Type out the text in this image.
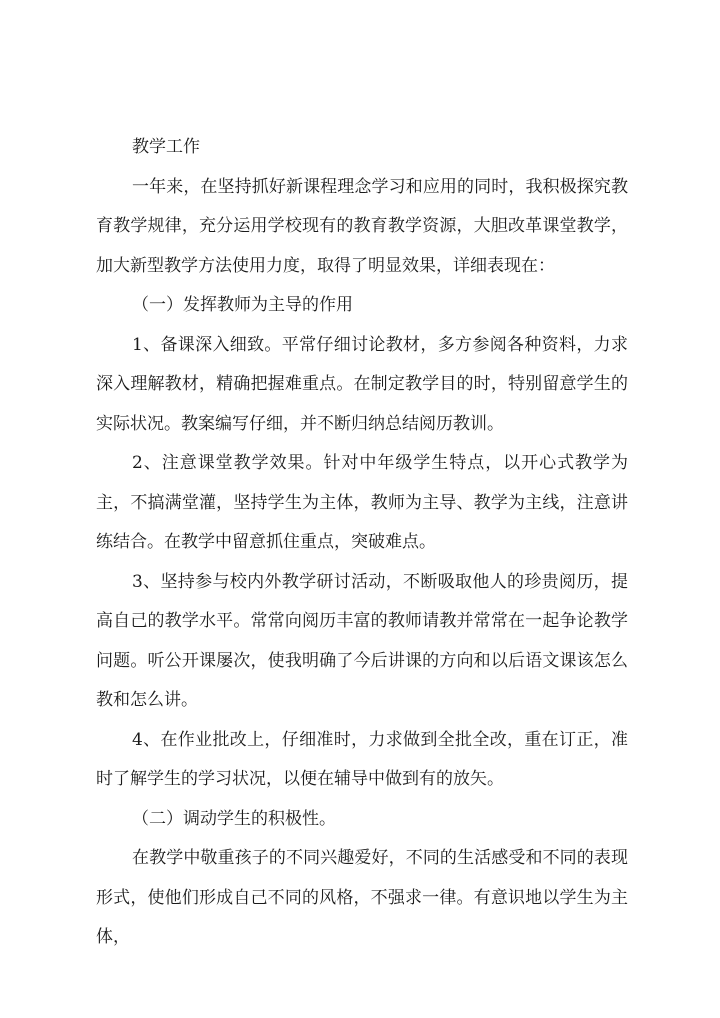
教学工作

一年来，在坚持抓好新课程理念学习和应用的同时，我积极探究教育教学规律，充分运用学校现有的教育教学资源，大胆改革课堂教学，加大新型教学方法使用力度，取得了明显效果，详细表现在：

（一）发挥教师为主导的作用

1、备课深入细致。平常仔细讨论教材，多方参阅各种资料，力求深入理解教材，精确把握难重点。在制定教学目的时，特别留意学生的实际状况。教案编写仔细，并不断归纳总结阅历教训。

2、注意课堂教学效果。针对中年级学生特点，以开心式教学为主，不搞满堂灌，坚持学生为主体，教师为主导、教学为主线，注意讲练结合。在教学中留意抓住重点，突破难点。

3、坚持参与校内外教学研讨活动，不断吸取他人的珍贵阅历，提高自己的教学水平。常常向阅历丰富的教师请教并常常在一起争论教学问题。听公开课屡次，使我明确了今后讲课的方向和以后语文课该怎么教和怎么讲。

4、在作业批改上，仔细准时，力求做到全批全改，重在订正，准时了解学生的学习状况，以便在辅导中做到有的放矢。

（二）调动学生的积极性。

在教学中敬重孩子的不同兴趣爱好，不同的生活感受和不同的表现形式，使他们形成自己不同的风格，不强求一律。有意识地以学生为主体，
